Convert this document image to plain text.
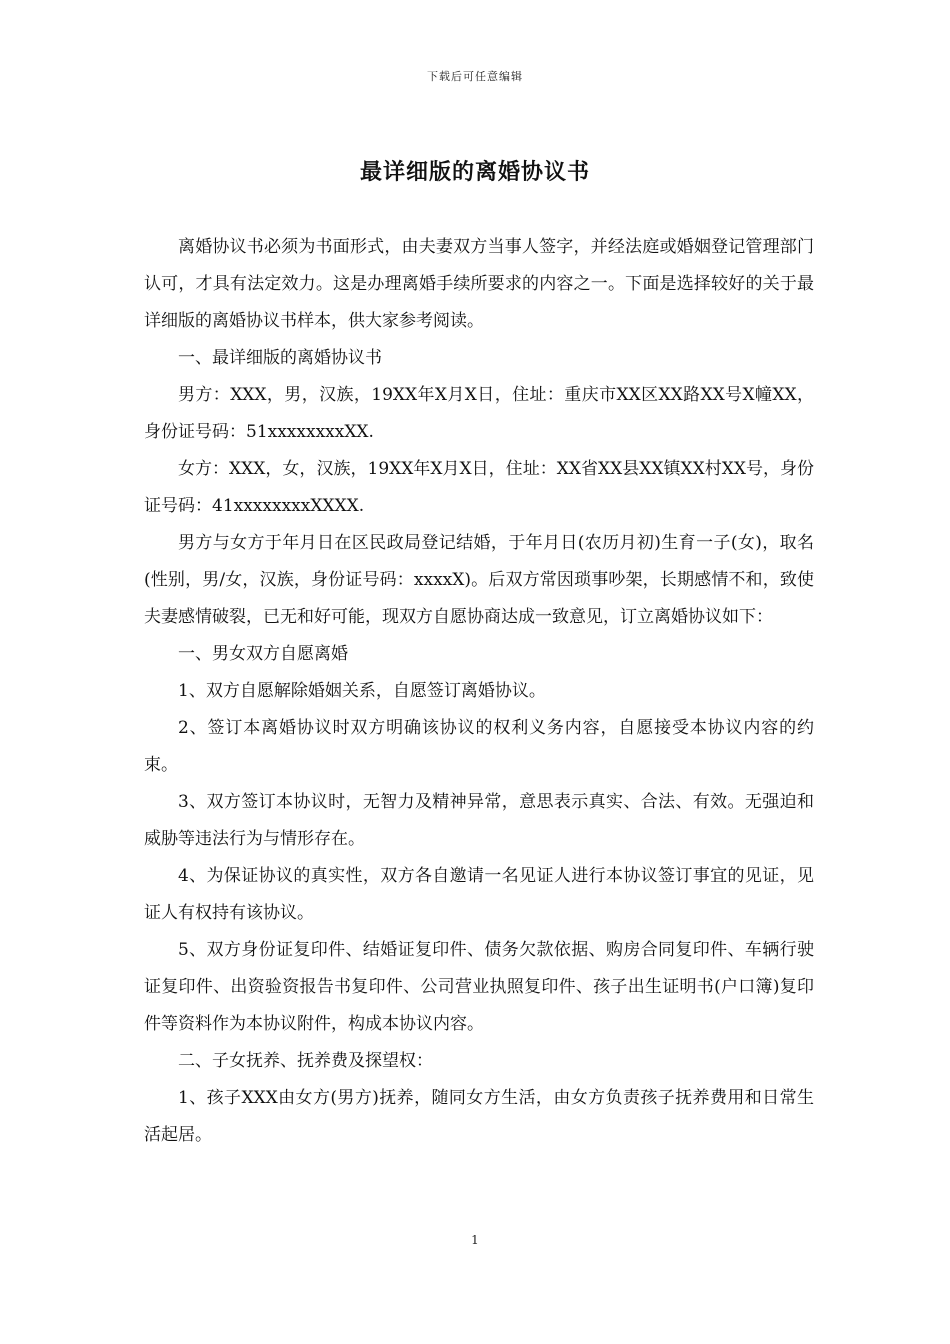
下载后可任意编辑
最详细版的离婚协议书

离婚协议书必须为书面形式，由夫妻双方当事人签字，并经法庭或婚姻登记管理部门认可，才具有法定效力。这是办理离婚手续所要求的内容之一。下面是选择较好的关于最详细版的离婚协议书样本，供大家参考阅读。

一、最详细版的离婚协议书

男方：XXX，男，汉族，19XX年X月X日，住址：重庆市XX区XX路XX号X幢XX，身份证号码：51xxxxxxxxXX.

女方：XXX，女，汉族，19XX年X月X日，住址：XX省XX县XX镇XX村XX号，身份证号码：41xxxxxxxxXXXX.

男方与女方于年月日在区民政局登记结婚，于年月日(农历月初)生育一子(女)，取名(性别，男/女，汉族，身份证号码：xxxxX)。后双方常因琐事吵架，长期感情不和，致使夫妻感情破裂，已无和好可能，现双方自愿协商达成一致意见，订立离婚协议如下：

一、男女双方自愿离婚

1、双方自愿解除婚姻关系，自愿签订离婚协议。

2、签订本离婚协议时双方明确该协议的权利义务内容，自愿接受本协议内容的约束。

3、双方签订本协议时，无智力及精神异常，意思表示真实、合法、有效。无强迫和威胁等违法行为与情形存在。

4、为保证协议的真实性，双方各自邀请一名见证人进行本协议签订事宜的见证，见证人有权持有该协议。

5、双方身份证复印件、结婚证复印件、债务欠款依据、购房合同复印件、车辆行驶证复印件、出资验资报告书复印件、公司营业执照复印件、孩子出生证明书(户口簿)复印件等资料作为本协议附件，构成本协议内容。

二、子女抚养、抚养费及探望权：

1、孩子XXX由女方(男方)抚养，随同女方生活，由女方负责孩子抚养费用和日常生活起居。

1
